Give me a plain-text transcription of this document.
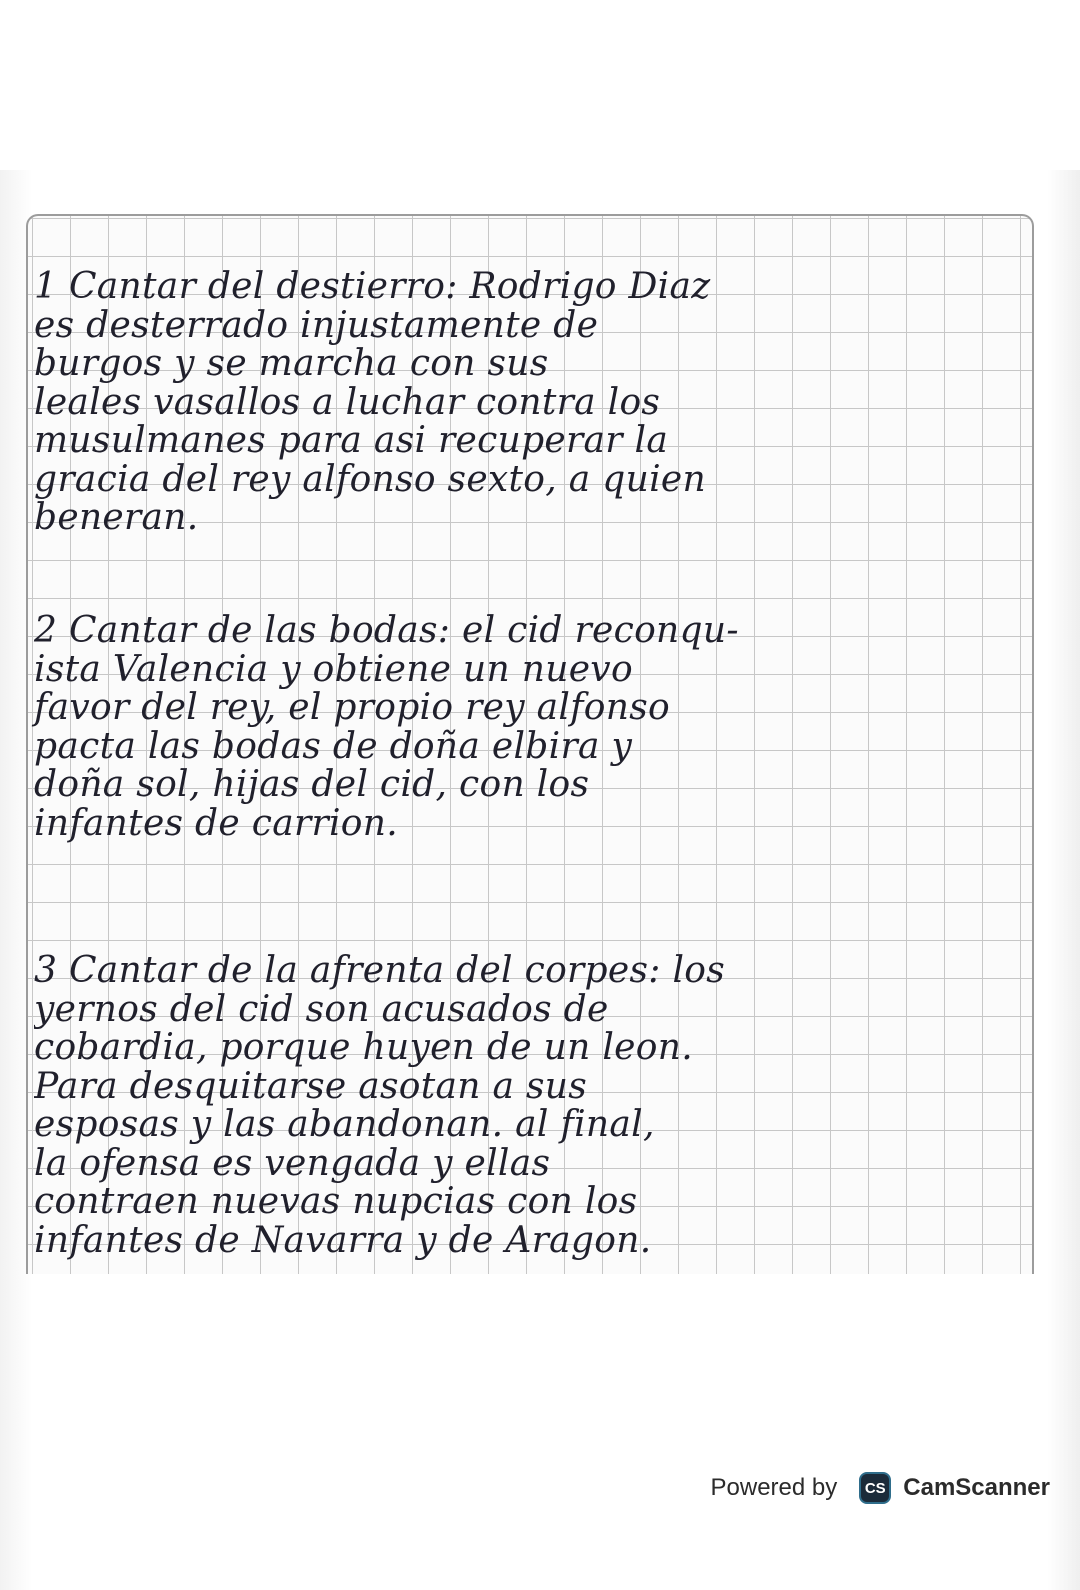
1 Cantar del destierro: Rodrigo Diaz
es desterrado injustamente de
burgos y se marcha con sus
leales vasallos a luchar contra los
musulmanes para asi recuperar la
gracia del rey alfonso sexto, a quien
beneran.

2 Cantar de las bodas: el cid reconqu-
ista Valencia y obtiene un nuevo
favor del rey, el propio rey alfonso
pacta las bodas de doña elbira y
doña sol, hijas del cid, con los
infantes de carrion.

3 Cantar de la afrenta del corpes: los
yernos del cid son acusados de
cobardia, porque huyen de un leon.
Para desquitarse asotan a sus
esposas y las abandonan. al final,
la ofensa es vengada y ellas
contraen nuevas nupcias con los
infantes de Navarra y de Aragon.

Powered by	CS CamScanner
